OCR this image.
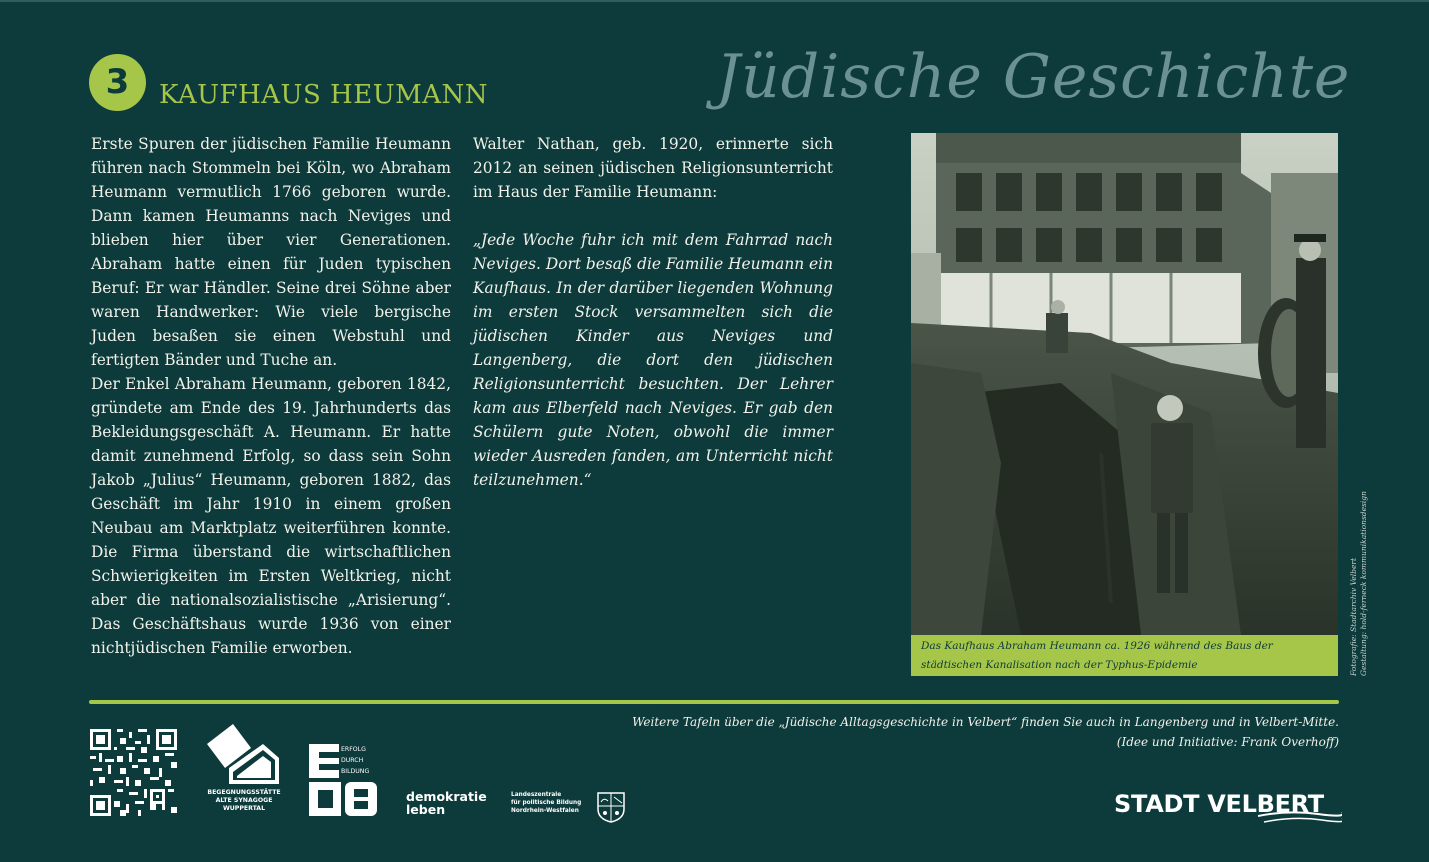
3	KAUFHAUS HEUMANN	Jüdische Geschichte

Erste Spuren der jüdischen Familie Heumann führen nach Stommeln bei Köln, wo Abraham Heumann vermutlich 1766 geboren wurde. Dann kamen Heumanns nach Neviges und blieben hier über vier Generationen. Abraham hatte einen für Juden typischen Beruf: Er war Händler. Seine drei Söhne aber waren Handwerker: Wie viele bergische Juden besaßen sie einen Webstuhl und fertigten Bänder und Tuche an.

Der Enkel Abraham Heumann, geboren 1842, gründete am Ende des 19. Jahrhunderts das Bekleidungsgeschäft A. Heumann. Er hatte damit zunehmend Erfolg, so dass sein Sohn Jakob „Julius“ Heumann, geboren 1882, das Geschäft im Jahr 1910 in einem großen Neubau am Marktplatz weiterführen konnte. Die Firma überstand die wirtschaftlichen Schwierigkeiten im Ersten Weltkrieg, nicht aber die nationalsozialistische „Arisierung“. Das Geschäftshaus wurde 1936 von einer nichtjüdischen Familie erworben.

Walter Nathan, geb. 1920, erinnerte sich 2012 an seinen jüdischen Religionsunterricht im Haus der Familie Heumann:

„Jede Woche fuhr ich mit dem Fahrrad nach Neviges. Dort besaß die Familie Heumann ein Kaufhaus. In der darüber liegenden Wohnung im ersten Stock versammelten sich die jüdischen Kinder aus Neviges und Langenberg, die dort den jüdischen Religionsunterricht besuchten. Der Lehrer kam aus Elberfeld nach Neviges. Er gab den Schülern gute Noten, obwohl die immer wieder Ausreden fanden, am Unterricht nicht teilzunehmen.“

Das Kaufhaus Abraham Heumann ca. 1926 während des Baus der städtischen Kanalisation nach der Typhus-Epidemie	Fotografie: Stadtarchiv Velbert Gestaltung: hold-ferneck kommunikationsdesign
Weitere Tafeln über die „Jüdische Alltagsgeschichte in Velbert“ finden Sie auch in Langenberg und in Velbert-Mitte.
(Idee und Initiative: Frank Overhoff)
BEGEGNUNGSSTÄTTE
ALTE SYNAGOGE
WUPPERTAL
ERFOLG
DURCH
BILDUNG
demokratie
leben
Landeszentrale
für politische Bildung
Nordrhein-Westfalen	STADT VELBERT
